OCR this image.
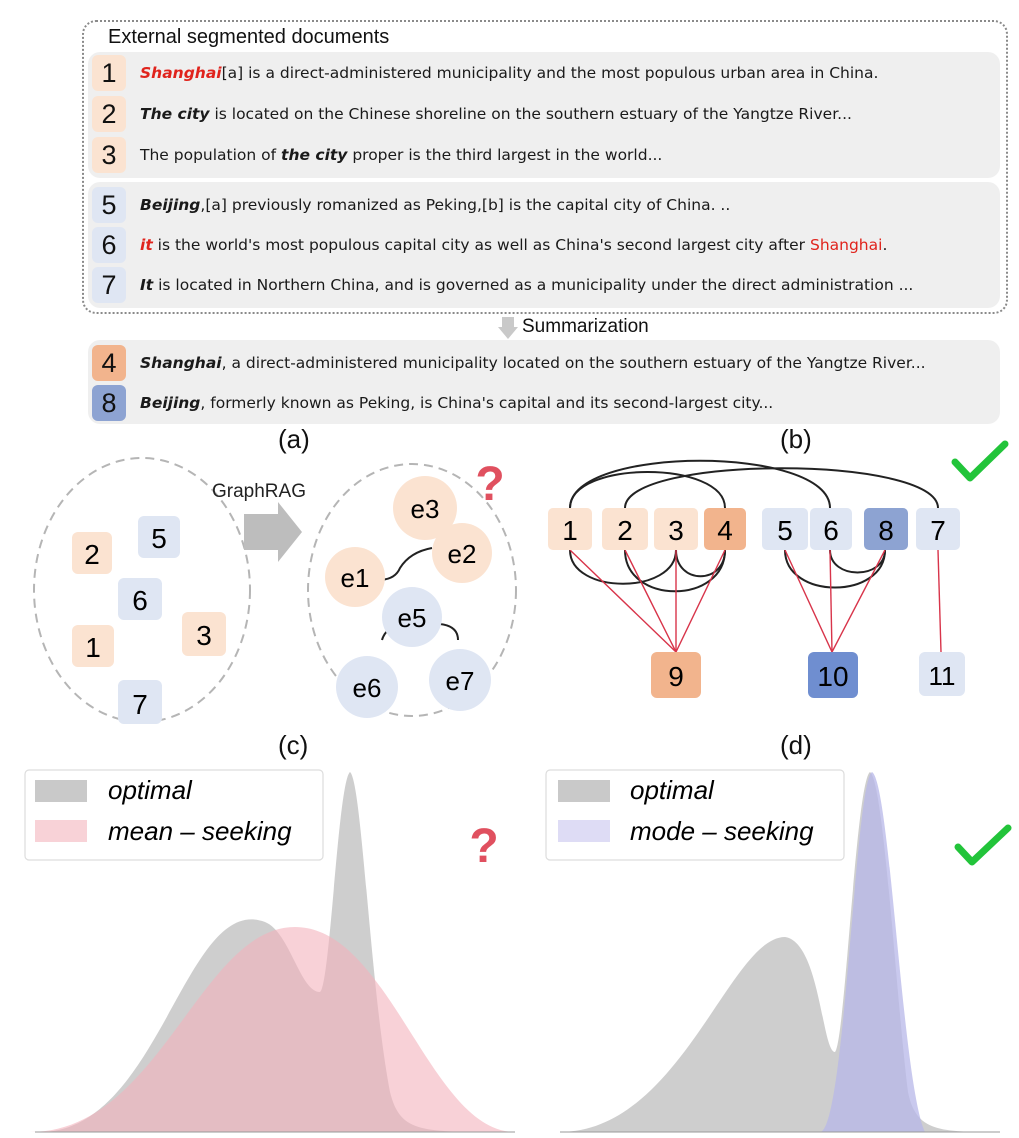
External segmented documents
1	Shanghai[a] is a direct-administered municipality and the most populous urban area in China.
2	The city is located on the Chinese shoreline on the southern estuary of the Yangtze River...
3	The population of the city proper is the third largest in the world...
5	Beijing,[a] previously romanized as Peking,[b] is the capital city of China. ..
6	it is the world's most populous capital city as well as China's second largest city after Shanghai.
7	It is located in Northern China, and is governed as a municipality under the direct administration ...
Summarization
4	Shanghai, a direct-administered municipality located on the southern estuary of the Yangtze River...
8	Beijing, formerly known as Peking, is China's capital and its second-largest city...
(a)	(b)
(c)	(d)
2
5
6
1	3
7
GraphRAG
e3
e2
e1
e5
e6 e7
?
1 2 3 4 5 6 8 7
9	10	11
optimal
mean – seeking	?
optimal
mode – seeking
